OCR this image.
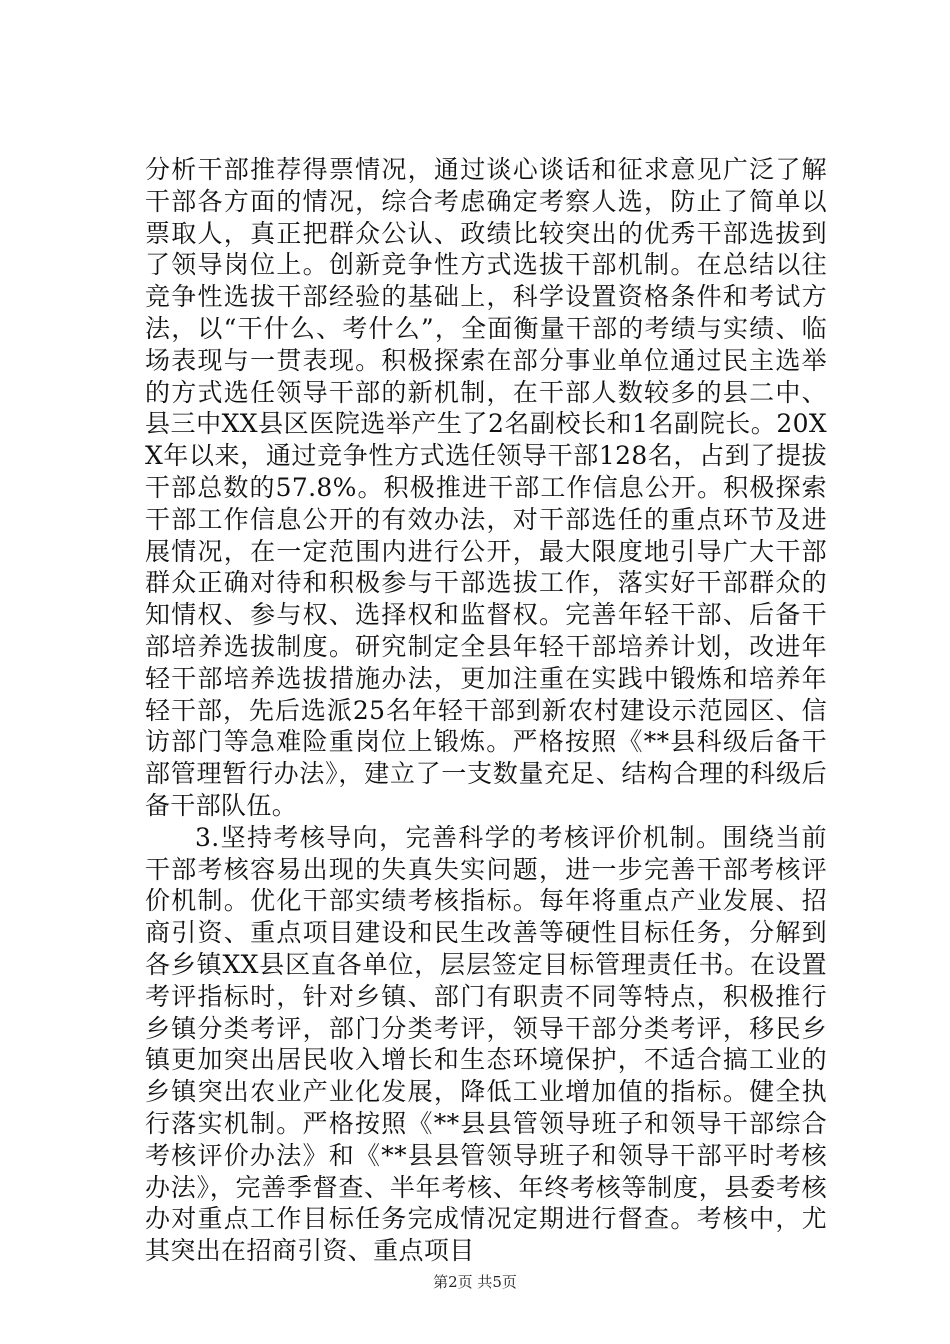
分析干部推荐得票情况，通过谈心谈话和征求意见广泛了解干部各方面的情况，综合考虑确定考察人选，防止了简单以票取人，真正把群众公认、政绩比较突出的优秀干部选拔到了领导岗位上。创新竞争性方式选拔干部机制。在总结以往竞争性选拔干部经验的基础上，科学设置资格条件和考试方法，以“干什么、考什么”，全面衡量干部的考绩与实绩、临场表现与一贯表现。积极探索在部分事业单位通过民主选举的方式选任领导干部的新机制，在干部人数较多的县二中、县三中XX县区医院选举产生了2名副校长和1名副院长。20XX年以来，通过竞争性方式选任领导干部128名，占到了提拔干部总数的57.8%。积极推进干部工作信息公开。积极探索干部工作信息公开的有效办法，对干部选任的重点环节及进展情况，在一定范围内进行公开，最大限度地引导广大干部群众正确对待和积极参与干部选拔工作，落实好干部群众的知情权、参与权、选择权和监督权。完善年轻干部、后备干部培养选拔制度。研究制定全县年轻干部培养计划，改进年轻干部培养选拔措施办法，更加注重在实践中锻炼和培养年轻干部，先后选派25名年轻干部到新农村建设示范园区、信访部门等急难险重岗位上锻炼。严格按照《**县科级后备干部管理暂行办法》，建立了一支数量充足、结构合理的科级后备干部队伍。

3.坚持考核导向，完善科学的考核评价机制。围绕当前干部考核容易出现的失真失实问题，进一步完善干部考核评价机制。优化干部实绩考核指标。每年将重点产业发展、招商引资、重点项目建设和民生改善等硬性目标任务，分解到各乡镇XX县区直各单位，层层签定目标管理责任书。在设置考评指标时，针对乡镇、部门有职责不同等特点，积极推行乡镇分类考评，部门分类考评，领导干部分类考评，移民乡镇更加突出居民收入增长和生态环境保护，不适合搞工业的乡镇突出农业产业化发展，降低工业增加值的指标。健全执行落实机制。严格按照《**县县管领导班子和领导干部综合考核评价办法》和《**县县管领导班子和领导干部平时考核办法》，完善季督查、半年考核、年终考核等制度，县委考核办对重点工作目标任务完成情况定期进行督查。考核中，尤其突出在招商引资、重点项目

第2页 共5页
